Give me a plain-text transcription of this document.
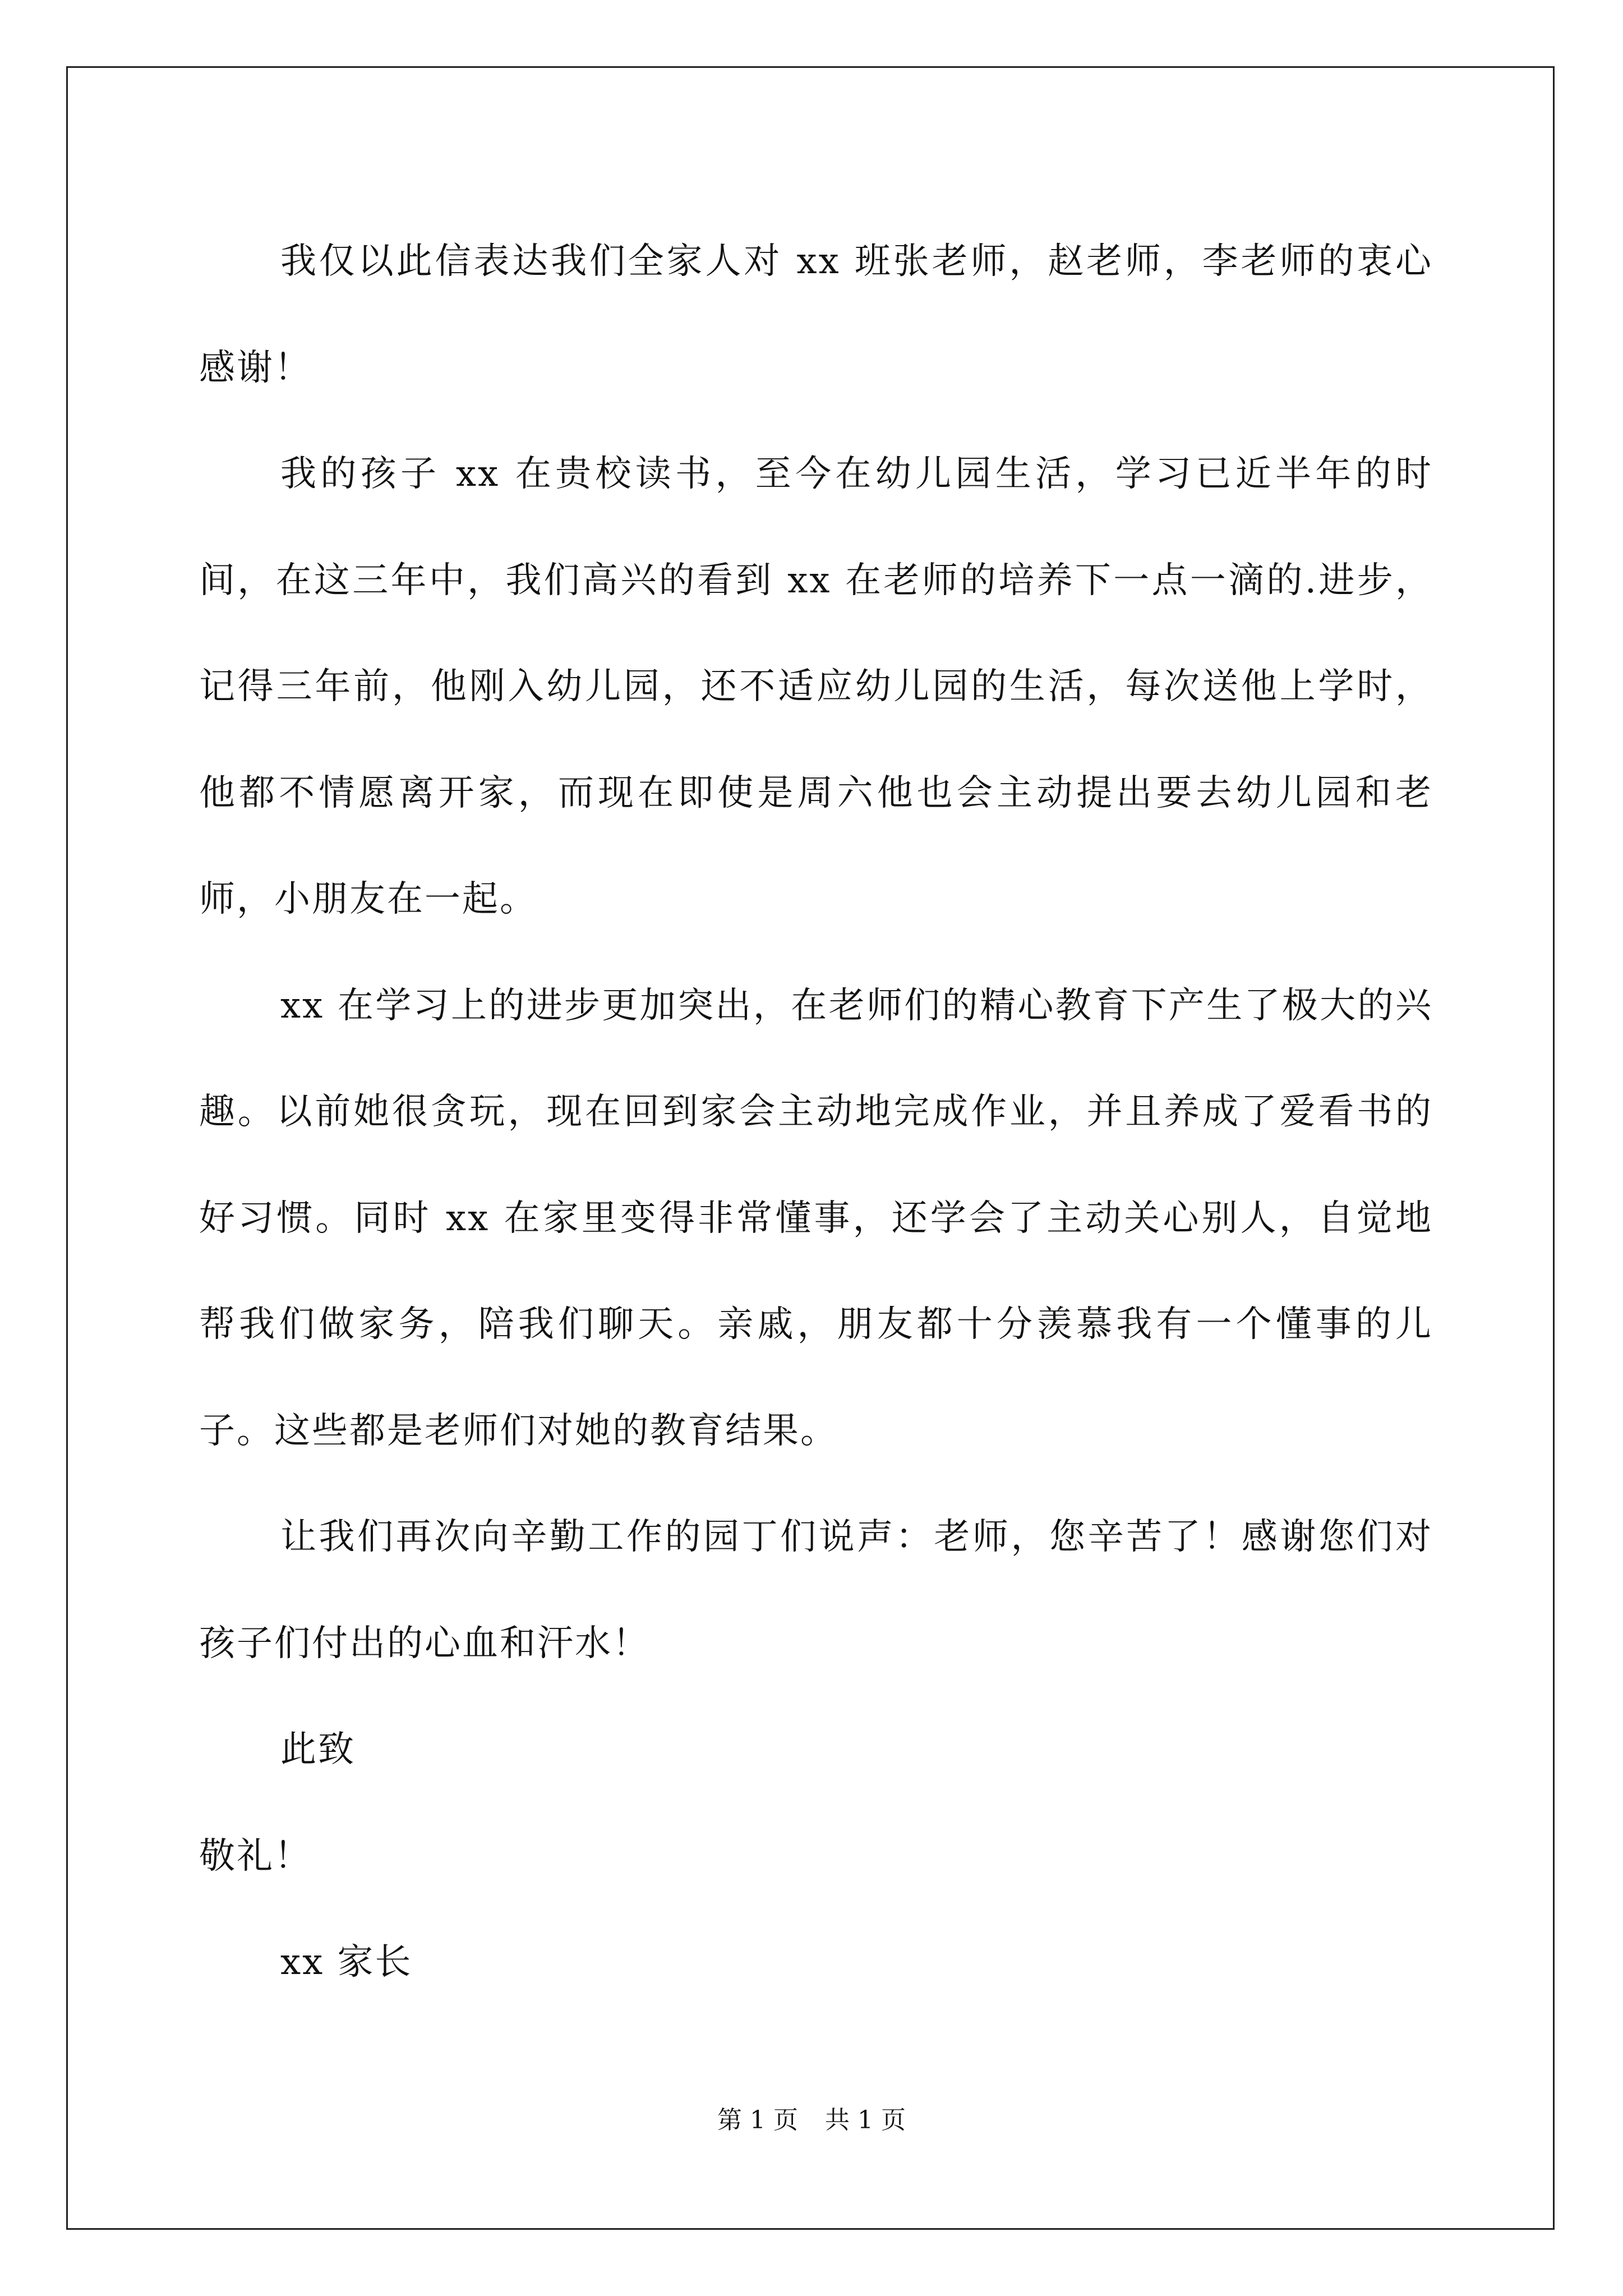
我仅以此信表达我们全家人对 xx 班张老师，赵老师，李老师的衷心感谢！

我的孩子 xx 在贵校读书，至今在幼儿园生活，学习已近半年的时间，在这三年中，我们高兴的看到 xx 在老师的培养下一点一滴的.进步，记得三年前，他刚入幼儿园，还不适应幼儿园的生活，每次送他上学时，他都不情愿离开家，而现在即使是周六他也会主动提出要去幼儿园和老师，小朋友在一起。

xx 在学习上的进步更加突出，在老师们的精心教育下产生了极大的兴趣。以前她很贪玩，现在回到家会主动地完成作业，并且养成了爱看书的好习惯。同时 xx 在家里变得非常懂事，还学会了主动关心别人，自觉地帮我们做家务，陪我们聊天。亲戚，朋友都十分羡慕我有一个懂事的儿子。这些都是老师们对她的教育结果。

让我们再次向辛勤工作的园丁们说声：老师，您辛苦了！感谢您们对孩子们付出的心血和汗水！

此致

敬礼！

xx 家长

第 1 页 共 1 页
